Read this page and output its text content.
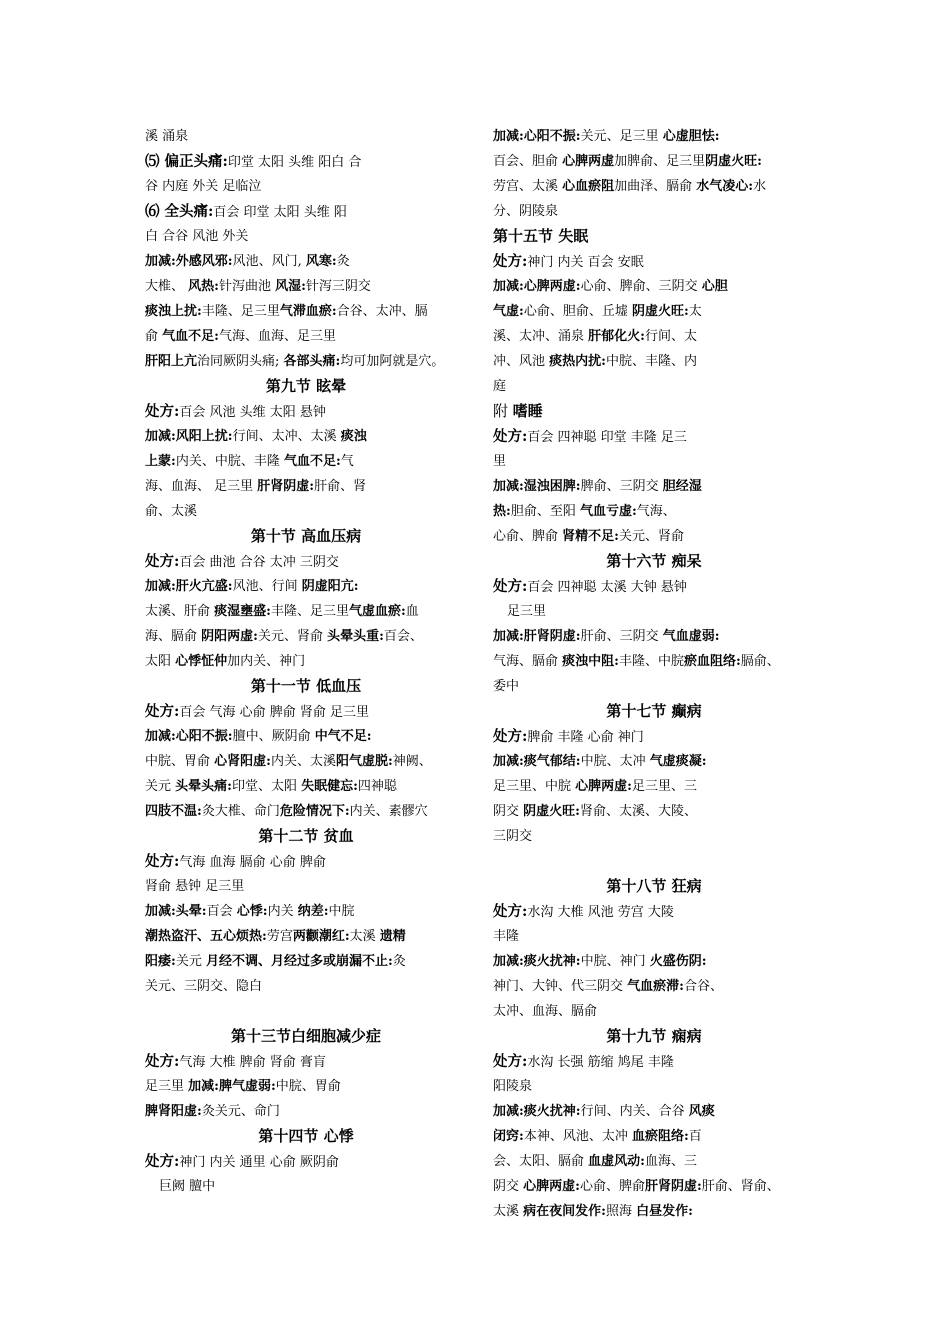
溪 涌泉
⑸ 偏正头痛:印堂 太阳 头维 阳白 合
谷 内庭 外关 足临泣
⑹ 全头痛:百会 印堂 太阳 头维 阳
白 合谷 风池 外关
加减:外感风邪:风池、风门, 风寒:灸
大椎、 风热:针泻曲池 风湿:针泻三阴交
痰浊上扰:丰隆、足三里气滞血瘀:合谷、太冲、膈
俞 气血不足:气海、血海、足三里
肝阳上亢治同厥阴头痛; 各部头痛:均可加阿就是穴。
第九节 眩晕
处方:百会 风池 头维 太阳 悬钟
加减:风阳上扰:行间、太冲、太溪 痰浊
上蒙:内关、中脘、丰隆 气血不足:气
海、血海、 足三里 肝肾阴虚:肝俞、肾
俞、太溪
第十节 高血压病
处方:百会 曲池 合谷 太冲 三阴交
加减:肝火亢盛:风池、行间 阴虚阳亢:
太溪、肝俞 痰湿壅盛:丰隆、足三里气虚血瘀:血
海、膈俞 阴阳两虚:关元、肾俞 头晕头重:百会、
太阳 心悸怔仲加内关、神门
第十一节 低血压
处方:百会 气海 心俞 脾俞 肾俞 足三里
加减:心阳不振:膻中、厥阴俞 中气不足:
中脘、胃俞 心肾阳虚:内关、太溪阳气虚脱:神阙、
关元 头晕头痛:印堂、太阳 失眠健忘:四神聪
四肢不温:灸大椎、命门危险情况下:内关、素髎穴
第十二节 贫血
处方:气海 血海 膈俞 心俞 脾俞
肾俞 悬钟 足三里
加减:头晕:百会 心悸:内关 纳差:中脘
潮热盗汗、五心烦热:劳宫两颧潮红:太溪 遗精
阳痿:关元 月经不调、月经过多或崩漏不止:灸
关元、三阴交、隐白
第十三节白细胞减少症
处方:气海 大椎 脾俞 肾俞 膏肓
足三里 加减:脾气虚弱:中脘、胃俞
脾肾阳虚:灸关元、命门
第十四节 心悸
处方:神门 内关 通里 心俞 厥阴俞
巨阙 膻中
加减:心阳不振:关元、足三里 心虚胆怯:
百会、胆俞 心脾两虚加脾俞、足三里阴虚火旺:
劳宫、太溪 心血瘀阻加曲泽、膈俞 水气凌心:水
分、阴陵泉
第十五节 失眠
处方:神门 内关 百会 安眠
加减:心脾两虚:心俞、脾俞、三阴交 心胆
气虚:心俞、胆俞、丘墟 阴虚火旺:太
溪、太冲、涌泉 肝郁化火:行间、太
冲、风池 痰热内扰:中脘、丰隆、内
庭
附 嗜睡
处方:百会 四神聪 印堂 丰隆 足三
里
加减:湿浊困脾:脾俞、三阴交 胆经湿
热:胆俞、至阳 气血亏虚:气海、
心俞、脾俞 肾精不足:关元、肾俞
第十六节 痴呆
处方:百会 四神聪 太溪 大钟 悬钟
足三里
加减:肝肾阴虚:肝俞、三阴交 气血虚弱:
气海、膈俞 痰浊中阻:丰隆、中脘瘀血阻络:膈俞、
委中
第十七节 癫病
处方:脾俞 丰隆 心俞 神门
加减:痰气郁结:中脘、太冲 气虚痰凝:
足三里、中脘 心脾两虚:足三里、三
阴交 阴虚火旺:肾俞、太溪、大陵、
三阴交
第十八节 狂病
处方:水沟 大椎 风池 劳宫 大陵
丰隆
加减:痰火扰神:中脘、神门 火盛伤阴:
神门、大钟、代三阴交 气血瘀滞:合谷、
太冲、血海、膈俞
第十九节 痫病
处方:水沟 长强 筋缩 鸠尾 丰隆
阳陵泉
加减:痰火扰神:行间、内关、合谷 风痰
闭窍:本神、风池、太冲 血瘀阻络:百
会、太阳、膈俞 血虚风动:血海、三
阴交 心脾两虚:心俞、脾俞肝肾阴虚:肝俞、肾俞、
太溪 病在夜间发作:照海 白昼发作:
